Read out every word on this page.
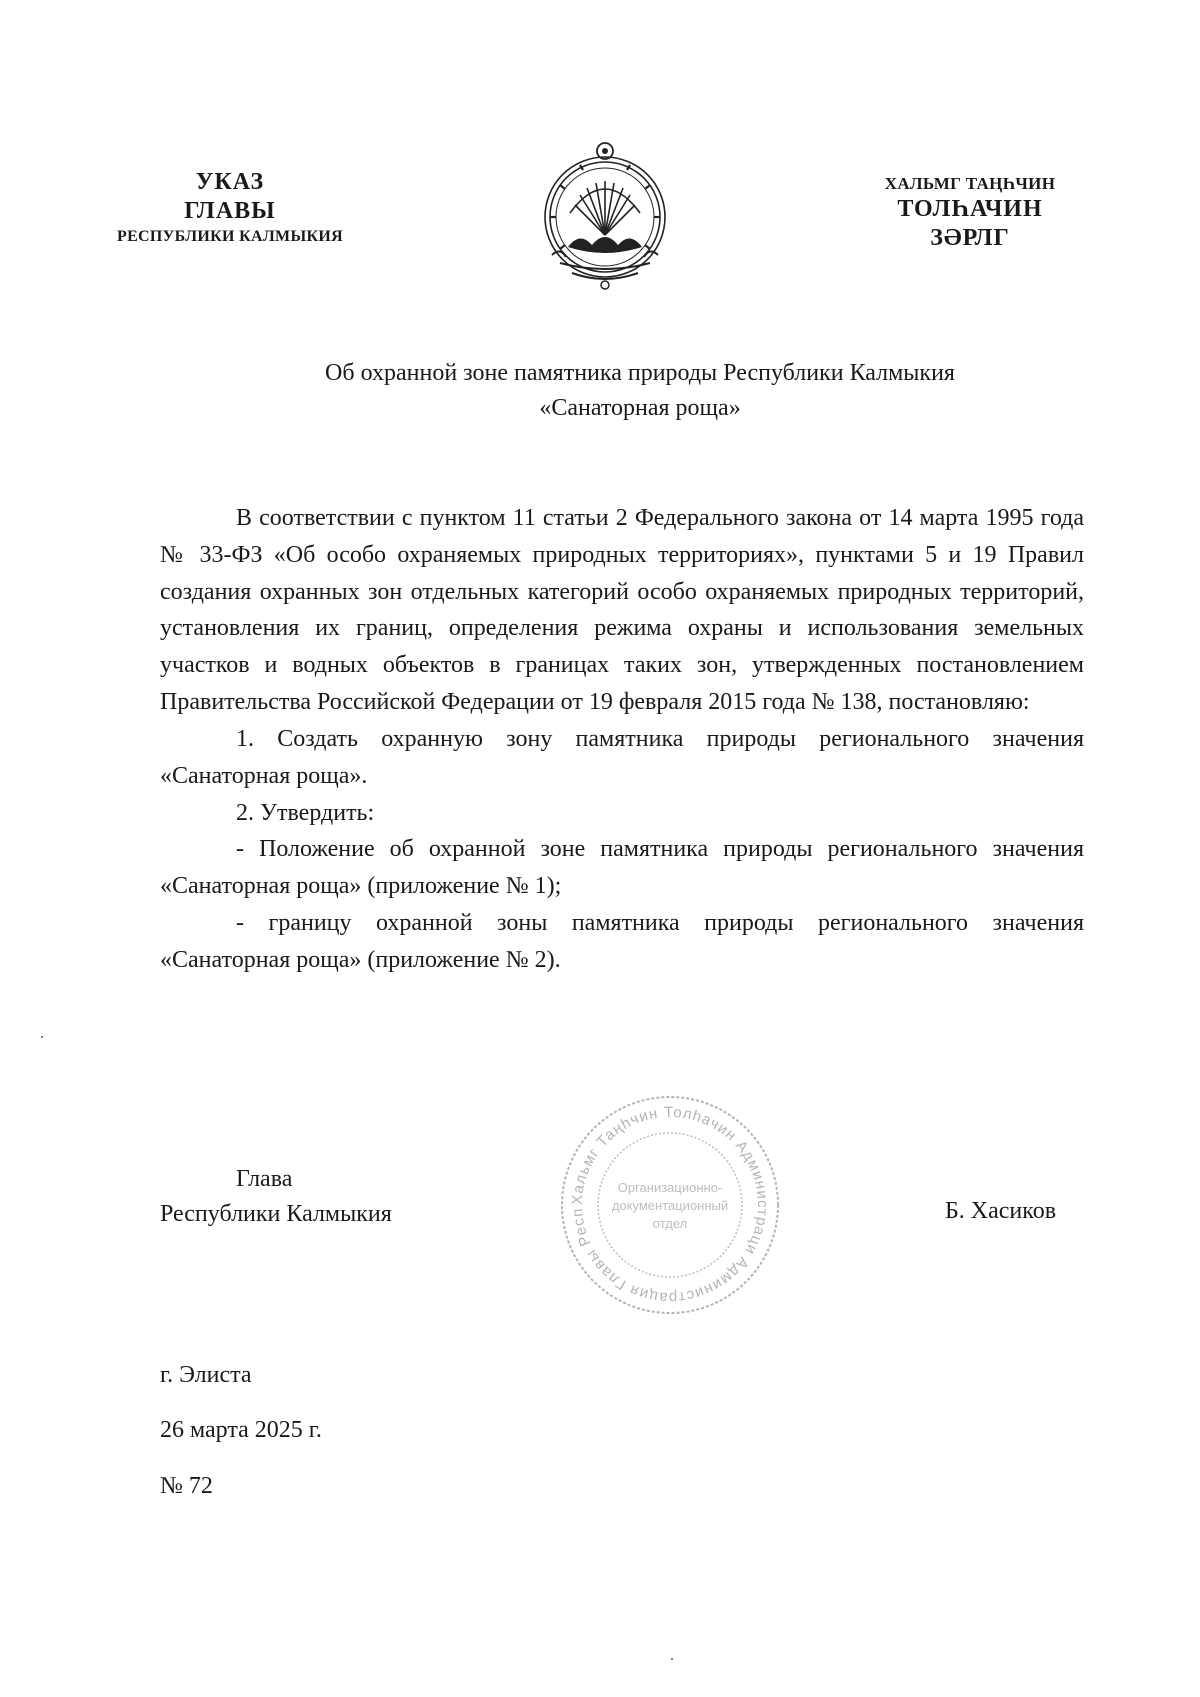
УКАЗ
ГЛАВЫ
РЕСПУБЛИКИ КАЛМЫКИЯ
ХАЛЬМГ ТАҢҺЧИН
ТОЛҺАЧИН
ЗӘРЛГ
Об охранной зоне памятника природы Республики Калмыкия
«Санаторная роща»

В соответствии с пунктом 11 статьи 2 Федерального закона от 14 марта 1995 года № 33-ФЗ «Об особо охраняемых природных территориях», пунктами 5 и 19 Правил создания охранных зон отдельных категорий особо охраняемых природных территорий, установления их границ, определения режима охраны и использования земельных участков и водных объектов в границах таких зон, утвержденных постановлением Правительства Российской Федерации от 19 февраля 2015 года № 138, постановляю:

1. Создать охранную зону памятника природы регионального значения «Санаторная роща».

2. Утвердить:

- Положение об охранной зоне памятника природы регионального значения «Санаторная роща» (приложение № 1);

- границу охранной зоны памятника природы регионального значения «Санаторная роща» (приложение № 2).

Глава
Республики Калмыкия
Хальмг Таңһчин Толһачин Администраци Администрация Главы Респ
Организационно-
документационный
отдел	Б. Хасиков
г. Элиста
26 марта 2025 г.
№ 72
